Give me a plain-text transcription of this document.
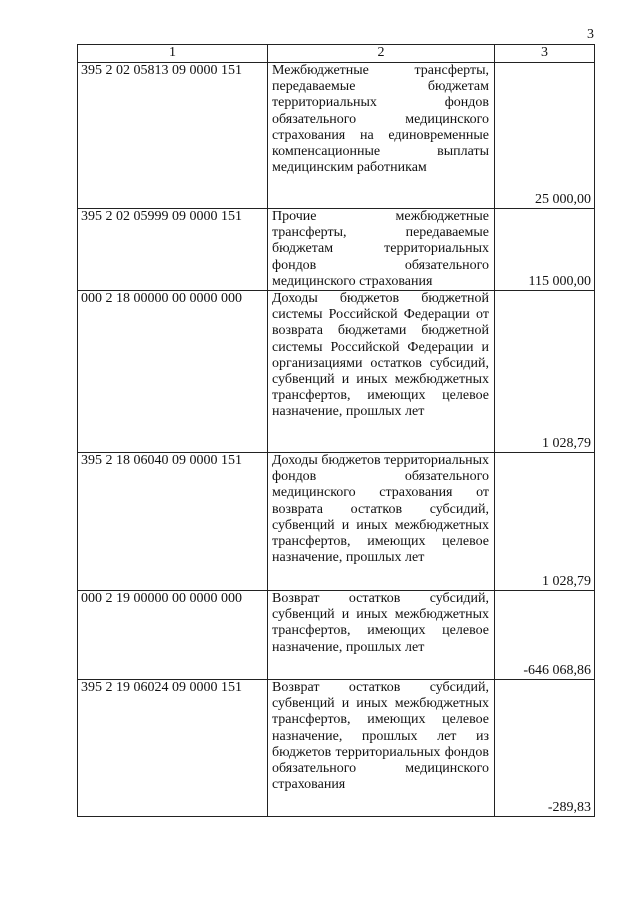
3
1	2	3
395 2 02 05813 09 0000 151	Межбюджетные трансферты, передаваемые бюджетам территориальных фондов обязательного медицинского страхования на единовременные компенсационные выплаты медицинским работникам	25 000,00
395 2 02 05999 09 0000 151	Прочие межбюджетные трансферты, передаваемые бюджетам территориальных фондов обязательного медицинского страхования	115 000,00
000 2 18 00000 00 0000 000	Доходы бюджетов бюджетной системы Российской Федерации от возврата бюджетами бюджетной системы Российской Федерации и организациями остатков субсидий, субвенций и иных межбюджетных трансфертов, имеющих целевое назначение, прошлых лет	1 028,79
395 2 18 06040 09 0000 151	Доходы бюджетов территориальных фондов обязательного медицинского страхования от возврата остатков субсидий, субвенций и иных межбюджетных трансфертов, имеющих целевое назначение, прошлых лет	1 028,79
000 2 19 00000 00 0000 000	Возврат остатков субсидий, субвенций и иных межбюджетных трансфертов, имеющих целевое назначение, прошлых лет	-646 068,86
395 2 19 06024 09 0000 151	Возврат остатков субсидий, субвенций и иных межбюджетных трансфертов, имеющих целевое назначение, прошлых лет из бюджетов территориальных фондов обязательного медицинского страхования	-289,83
